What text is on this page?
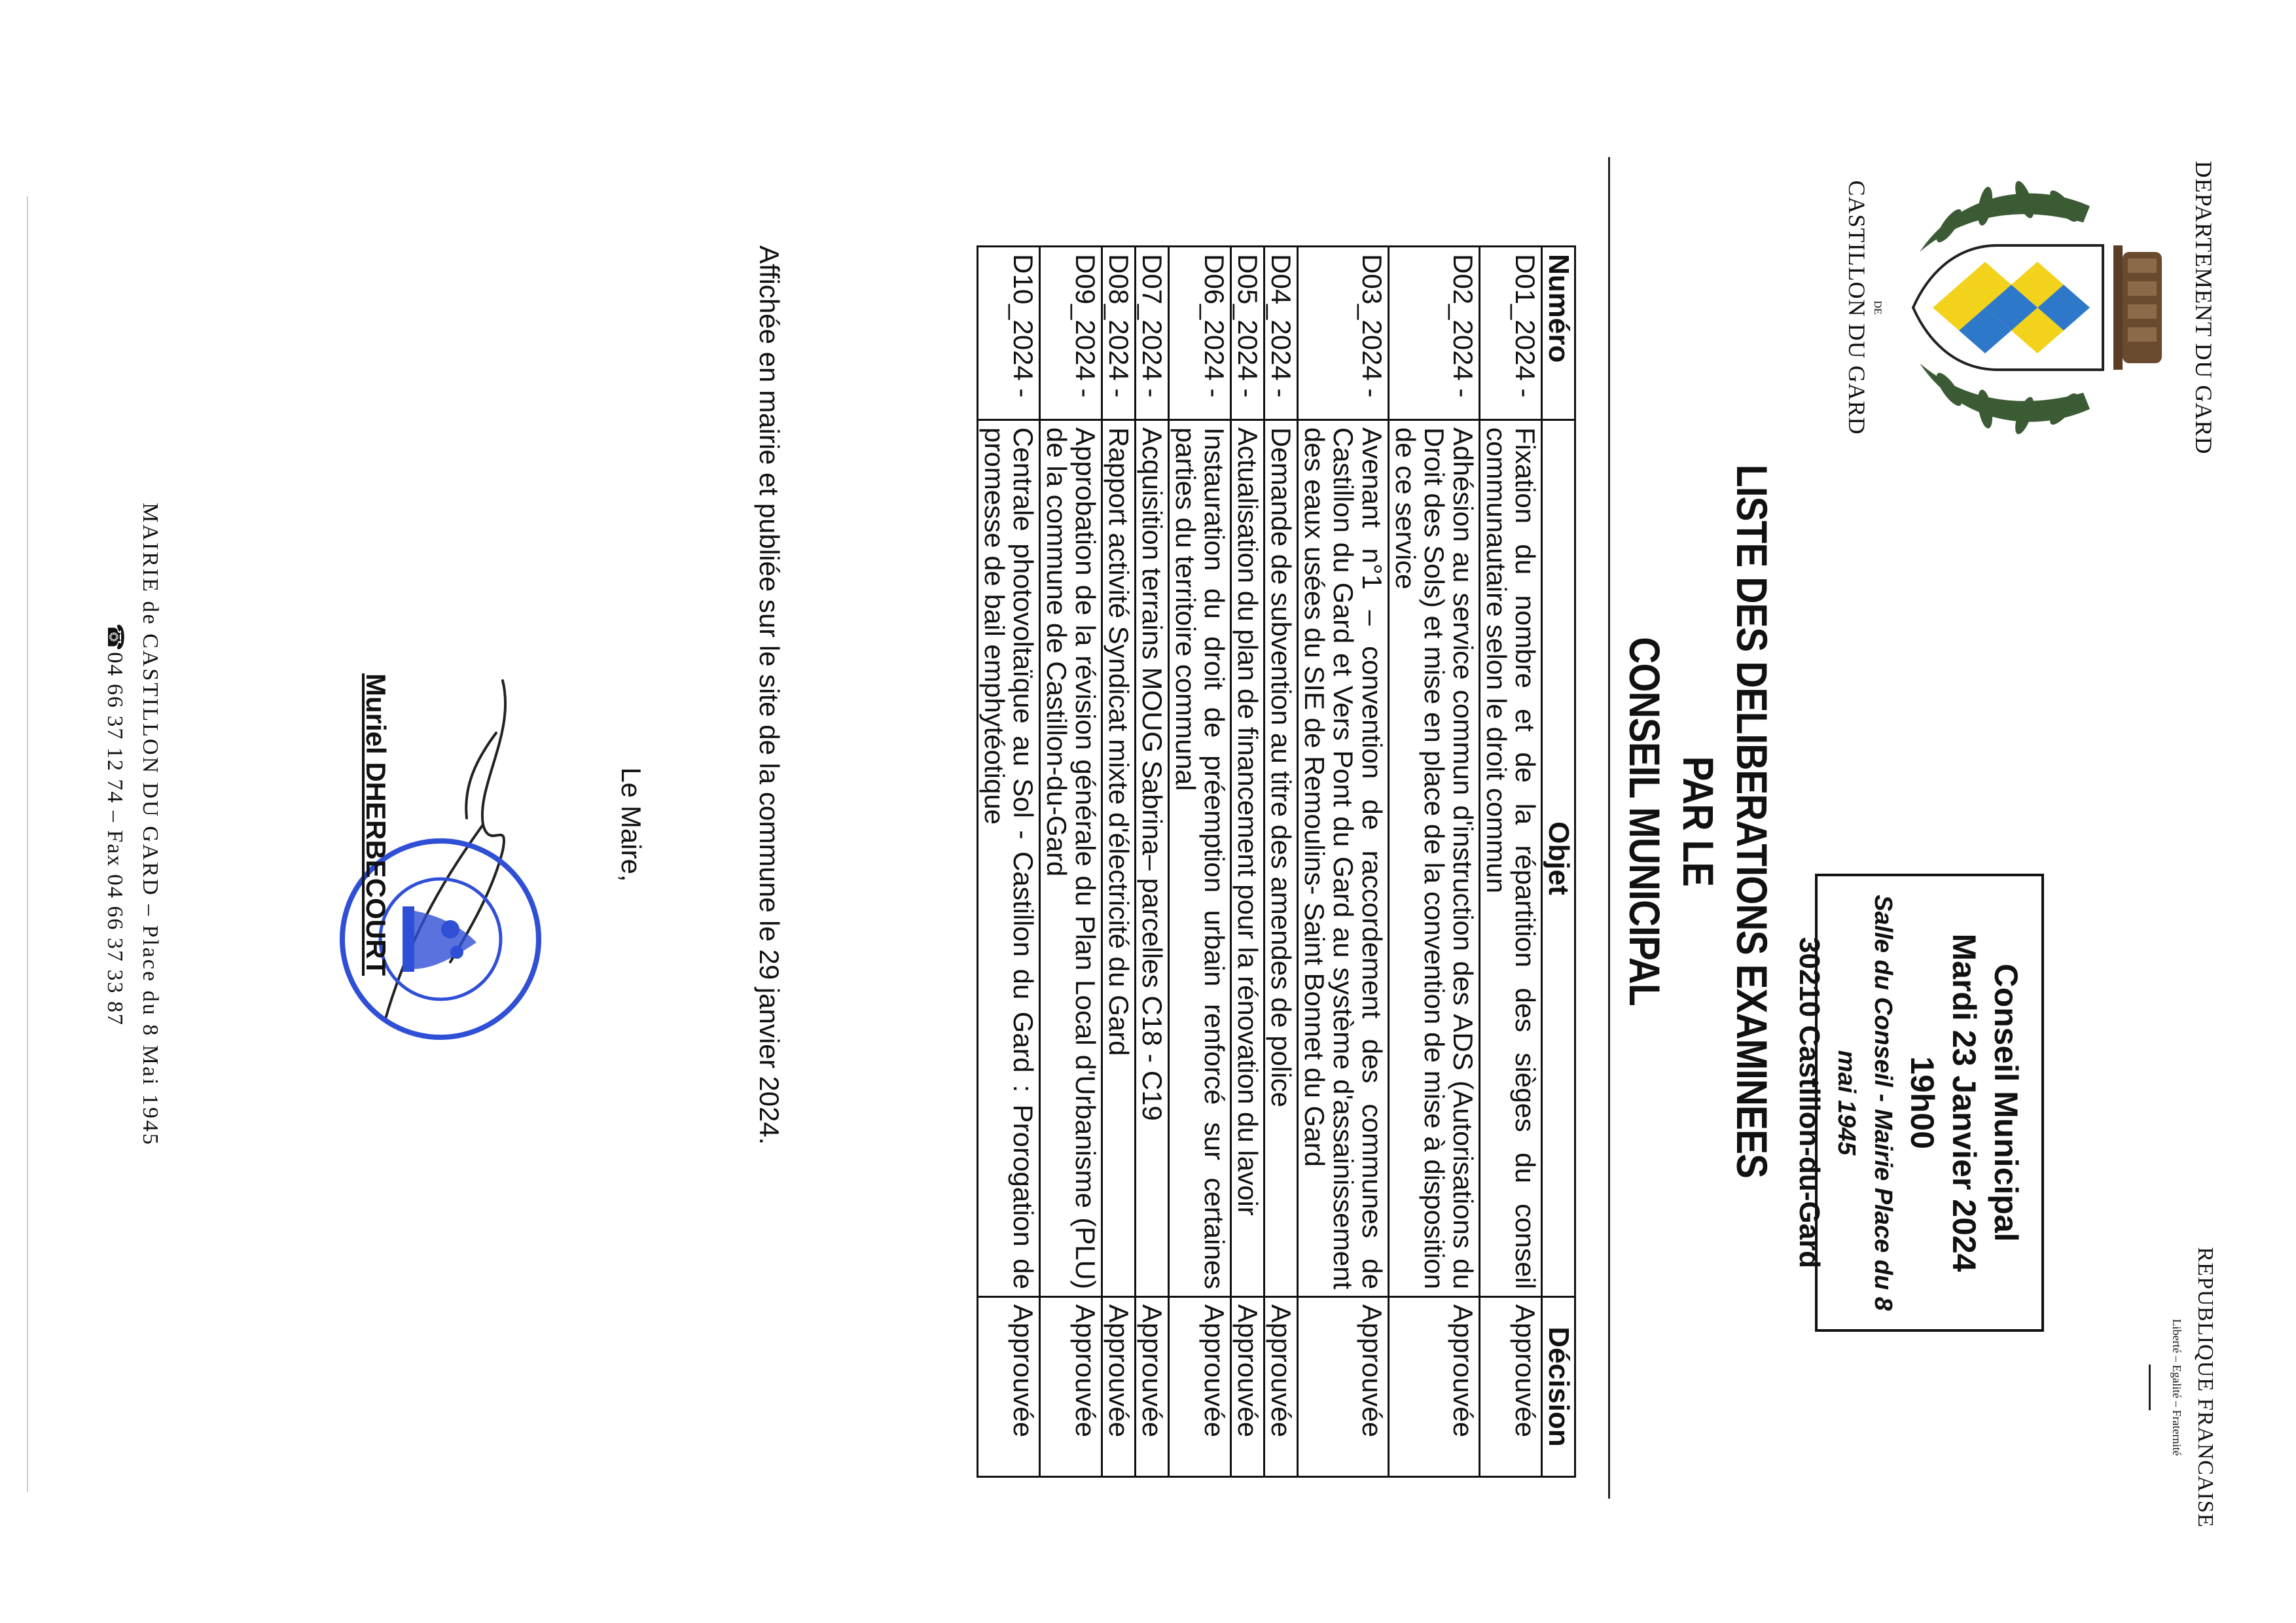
DEPARTEMENT DU GARD
DE
CASTILLON DU GARD
REPUBLIQUE FRANCAISE
Liberté – Egalité – Fraternité
Conseil Municipal
Mardi 23 Janvier 2024
19h00
Salle du Conseil - Mairie Place du 8 mai 1945
30210 Castillon-du-Gard
LISTE DES DELIBERATIONS EXAMINEES PAR LE
CONSEIL MUNICIPAL
Numéro	Objet	Décision
D01_2024 -	Fixation du nombre et de la répartition des sièges du conseil communautaire selon le droit commun	Approuvée
D02_2024 -	Adhésion au service commun d'instruction des ADS (Autorisations du Droit des Sols) et mise en place de la convention de mise à disposition de ce service	Approuvée
D03_2024 -	Avenant n°1 – convention de raccordement des communes de Castillon du Gard et Vers Pont du Gard au système d'assainissement des eaux usées du SIE de Remoulins- Saint Bonnet du Gard	Approuvée
D04_2024 -	Demande de subvention au titre des amendes de police	Approuvée
D05_2024 -	Actualisation du plan de financement pour la rénovation du lavoir	Approuvée
D06_2024 -	Instauration du droit de préemption urbain renforcé sur certaines parties du territoire communal	Approuvée
D07_2024 -	Acquisition terrains MOUG Sabrina– parcelles C18 - C19	Approuvée
D08_2024 -	Rapport activité Syndicat mixte d'électricité du Gard	Approuvée
D09_2024 -	Approbation de la révision générale du Plan Local d'Urbanisme (PLU) de la commune de Castillon-du-Gard	Approuvée
D10_2024 -	Centrale photovoltaïque au Sol - Castillon du Gard : Prorogation de promesse de bail emphytéotique	Approuvée
Affichée en mairie et publiée sur le site de la commune le 29 janvier 2024.
Le Maire,
Muriel DHERBECOURT
MAIRIE de CASTILLON DU GARD – Place du 8 Mai 1945
☎04 66 37 12 74 – Fax 04 66 37 33 87
